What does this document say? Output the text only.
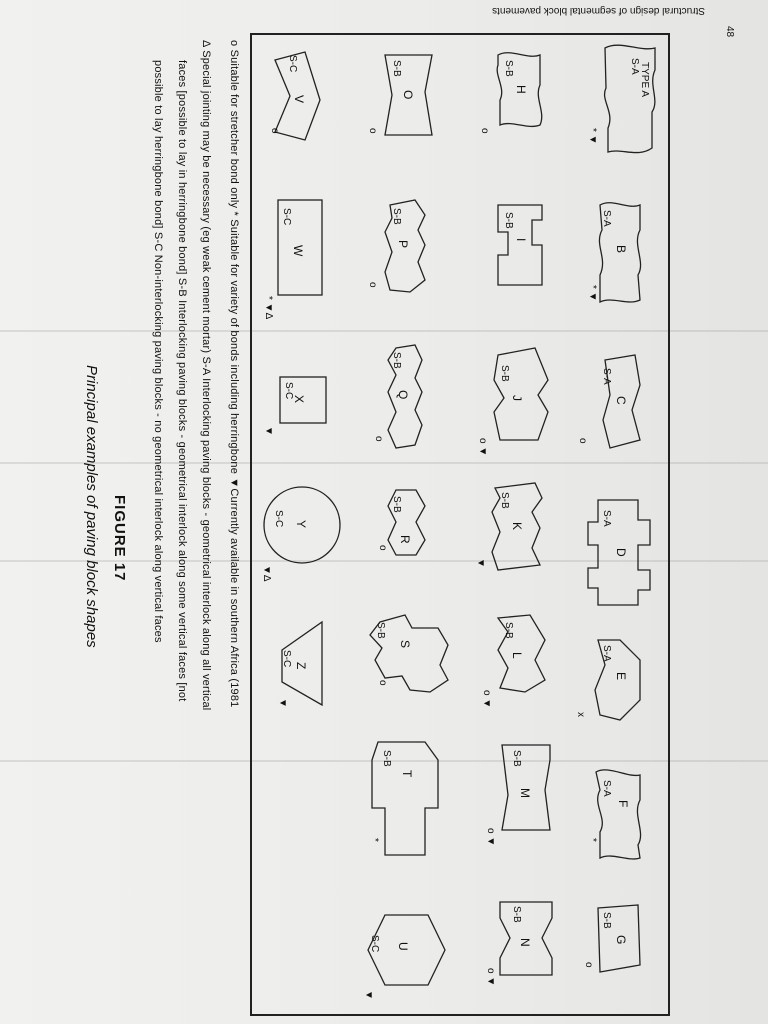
Structural design of segmental block pavements
48
TYPE A
S-A
* ▼
B
S-A
* ▼
C
S-A
o
D
S-A
E
S-A
x
F
S-A
*
G
S-B
o
H
S-B
o
I
S-B
J
S-B
o ▼
K
S-B
▼
L
S-B
o ▼
M
S-B
o ▼
N
S-B
o ▼
O
S-B
o
P
S-B
o
Q
S-B
o
R
S-B
o
S
S-B
o
T
S-B
*
U
S-C
▼
V
S-C
o
W
S-C
* ▼Δ
X
S-C
▼
Y
S-C
▼Δ
Z
S-C
▼
o Suitable for stretcher bond only * Suitable for variety of bonds including herringbone ▼Currently available in southern Africa (1981
Δ Special jointing may be necessary (eg weak cement mortar) S-A Interlocking paving blocks - geometrical interlock along all vertical
faces [possible to lay in herringbone bond] S-B Interlocking paving blocks - geometrical interlock along some vertical faces [not
possible to lay herringbone bond] S-C Non-interlocking paving blocks - no geometrical interlock along vertical faces
FIGURE 17
Principal examples of paving block shapes
